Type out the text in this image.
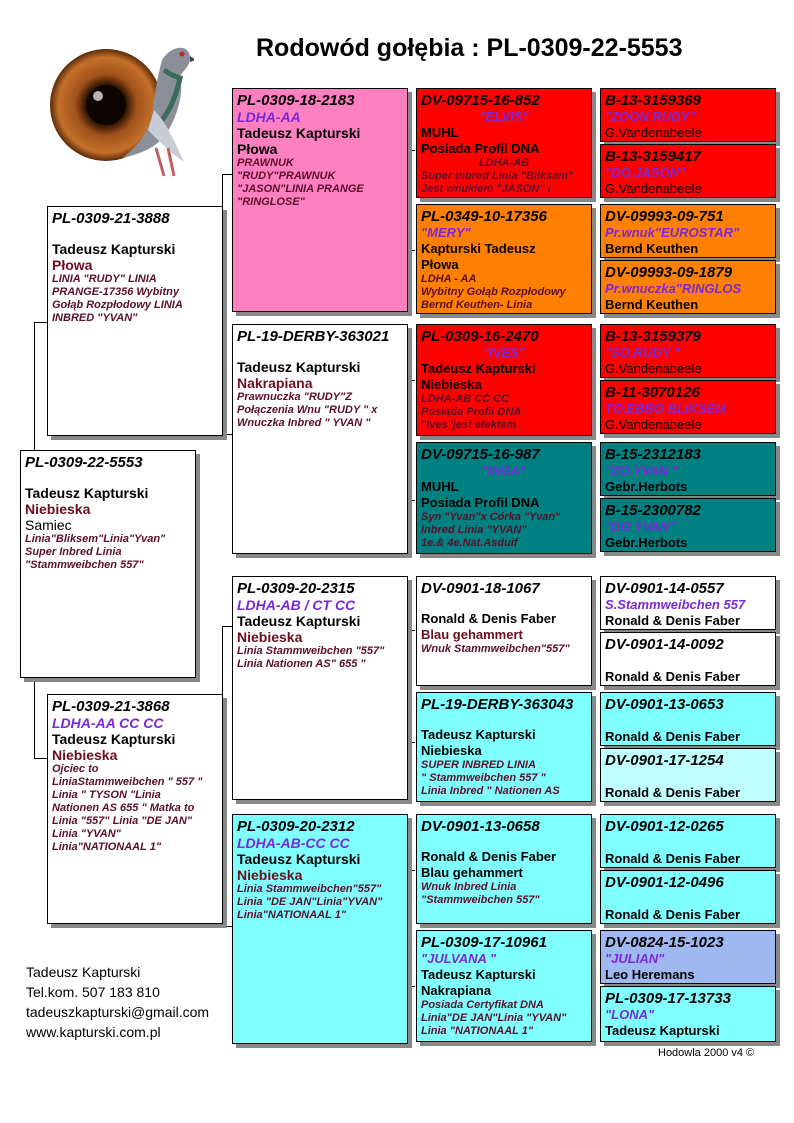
Rodowód gołębia : PL-0309-22-5553
PL-0309-22-5553
Tadeusz Kapturski
Niebieska
Samiec
Linia"Bliksem"Linia"Yvan"
Super Inbred Linia
"Stammweibchen 557"
PL-0309-21-3888
Tadeusz Kapturski
Płowa
LINIA "RUDY" LINIA
PRANGE-17356 Wybitny
Gołąb Rozpłodowy LINIA
INBRED "YVAN"
PL-0309-21-3868
LDHA-AA CC CC
Tadeusz Kapturski
Niebieska
Ojciec to
LiniaStammweibchen " 557 "
Linia " TYSON "Linia
Nationen AS 655 " Matka to
Linia "557" Linia "DE JAN"
Linia "YVAN"
Linia"NATIONAAL 1"
PL-0309-18-2183
LDHA-AA
Tadeusz Kapturski
Płowa
PRAWNUK
"RUDY"PRAWNUK
"JASON"LINIA PRANGE
"RINGLOSE"
PL-19-DERBY-363021
Tadeusz Kapturski
Nakrapiana
Prawnuczka "RUDY"Z
Połączenia Wnu "RUDY " x
Wnuczka Inbred " YVAN "
PL-0309-20-2315
LDHA-AB / CT CC
Tadeusz Kapturski
Niebieska
Linia Stammweibchen "557"
Linia Nationen AS" 655 "
PL-0309-20-2312
LDHA-AB-CC CC
Tadeusz Kapturski
Niebieska
Linia Stammweibchen"557"
Linia "DE JAN"Linia"YVAN"
Linia"NATIONAAL 1"
DV-09715-16-852
"ELVIS"
MUHL
Posiada Profil DNA
LDHA-AB
Super Inbred Linia "Bliksem"
Jest wnukiem "JASON" i
PL-0349-10-17356
"MERY"
Kapturski Tadeusz
Płowa
LDHA - AA
Wybitny Gołąb Rozpłodowy
Bernd Keuthen- Linia
PL-0309-16-2470
"IVES"
Tadeusz Kapturski
Niebieska
LDHA-AB CC CC
Posiada Profil DNA
"Ives"jest efektem
DV-09715-16-987
"INGA"
MUHL
Posiada Profil DNA
Syn "Yvan"x Córka "Yvan"
Inbred Linia "YVAN"
1e.& 4e.Nat.Asduif
DV-0901-18-1067
Ronald & Denis Faber
Blau gehammert
Wnuk Stammweibchen"557"
PL-19-DERBY-363043
Tadeusz Kapturski
Niebieska
SUPER INBRED LINIA
" Stammweibchen 557 "
Linia Inbred " Nationen AS
DV-0901-13-0658
Ronald & Denis Faber
Blau gehammert
Wnuk Inbred Linia
"Stammweibchen 557"
PL-0309-17-10961
"JULVANA "
Tadeusz Kapturski
Nakrapiana
Posiada Certyfikat DNA
Linia"DE JAN"Linia "YVAN"
Linia "NATIONAAL 1"
B-13-3159369
"ZOON RUDY"
G.Vandenabeele
B-13-3159417
"DO.JASON"
G.Vandenabeele
DV-09993-09-751
Pr.wnuk"EUROSTAR"
Bernd Keuthen
DV-09993-09-1879
Pr.wnuczka"RINGLOS
Bernd Keuthen
B-13-3159379
"SO.RUDY "
G.Vandenabeele
B-11-3070126
TO.EBBO BLIKSEM
G.Vandenabeele
B-15-2312183
"ZO.YVAN "
Gebr.Herbots
B-15-2300782
"DO YVAN"
Gebr.Herbots
DV-0901-14-0557
S.Stammweibchen 557
Ronald & Denis Faber
DV-0901-14-0092

Ronald & Denis Faber
DV-0901-13-0653

Ronald & Denis Faber
DV-0901-17-1254

Ronald & Denis Faber
DV-0901-12-0265

Ronald & Denis Faber
DV-0901-12-0496

Ronald & Denis Faber
DV-0824-15-1023
"JULIAN"
Leo Heremans
PL-0309-17-13733
"LONA"
Tadeusz Kapturski
Tadeusz Kapturski
Tel.kom. 507 183 810
tadeuszkapturski@gmail.com
www.kapturski.com.pl
Hodowla 2000 v4 ©
